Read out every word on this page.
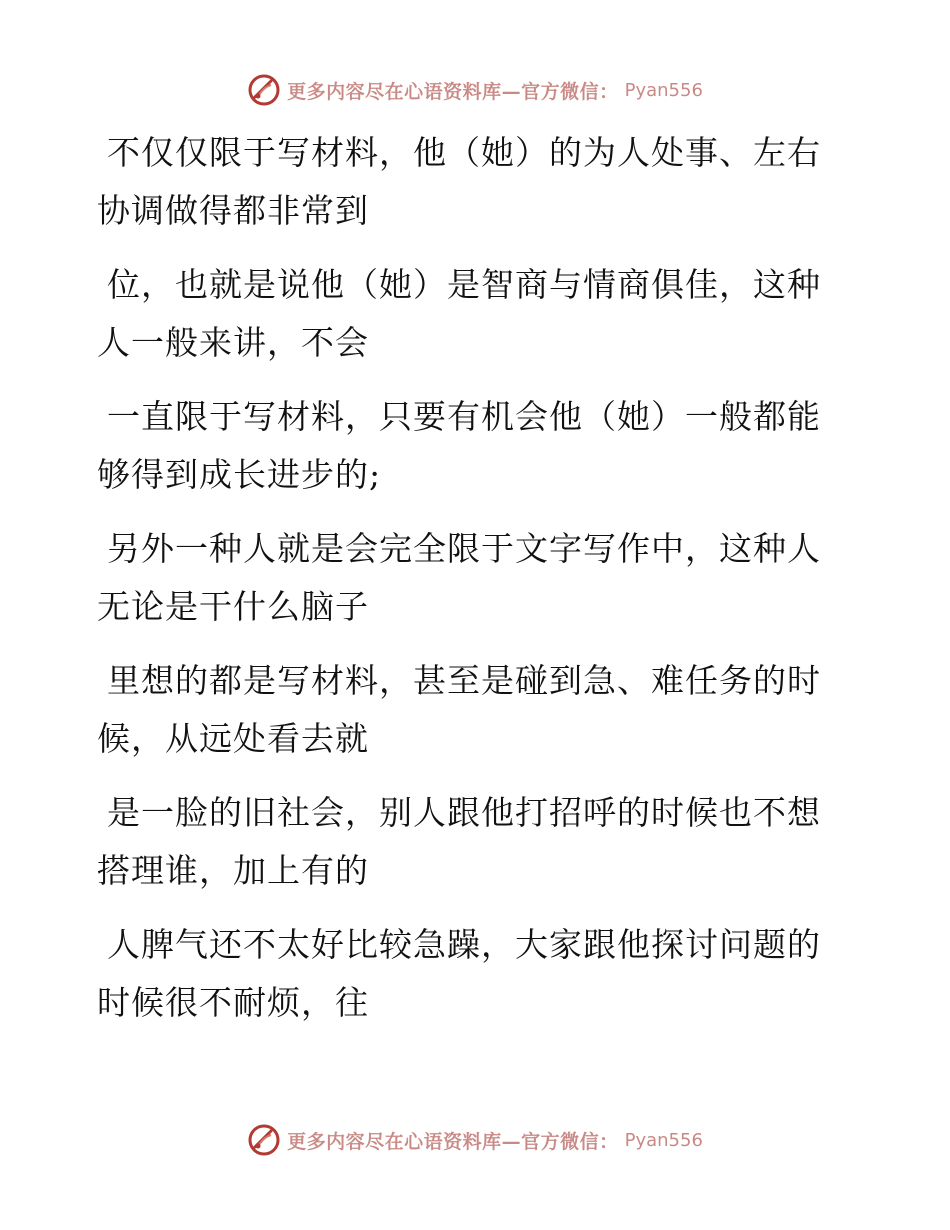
更多内容尽在心语资料库—官方微信： Pyan556
不仅仅限于写材料，他（她）的为人处事、左右
协调做得都非常到
位，也就是说他（她）是智商与情商俱佳，这种
人一般来讲，不会
一直限于写材料，只要有机会他（她）一般都能
够得到成长进步的;
另外一种人就是会完全限于文字写作中，这种人
无论是干什么脑子
里想的都是写材料，甚至是碰到急、难任务的时
候，从远处看去就
是一脸的旧社会，别人跟他打招呼的时候也不想
搭理谁，加上有的
人脾气还不太好比较急躁，大家跟他探讨问题的
时候很不耐烦，往
更多内容尽在心语资料库—官方微信： Pyan556
